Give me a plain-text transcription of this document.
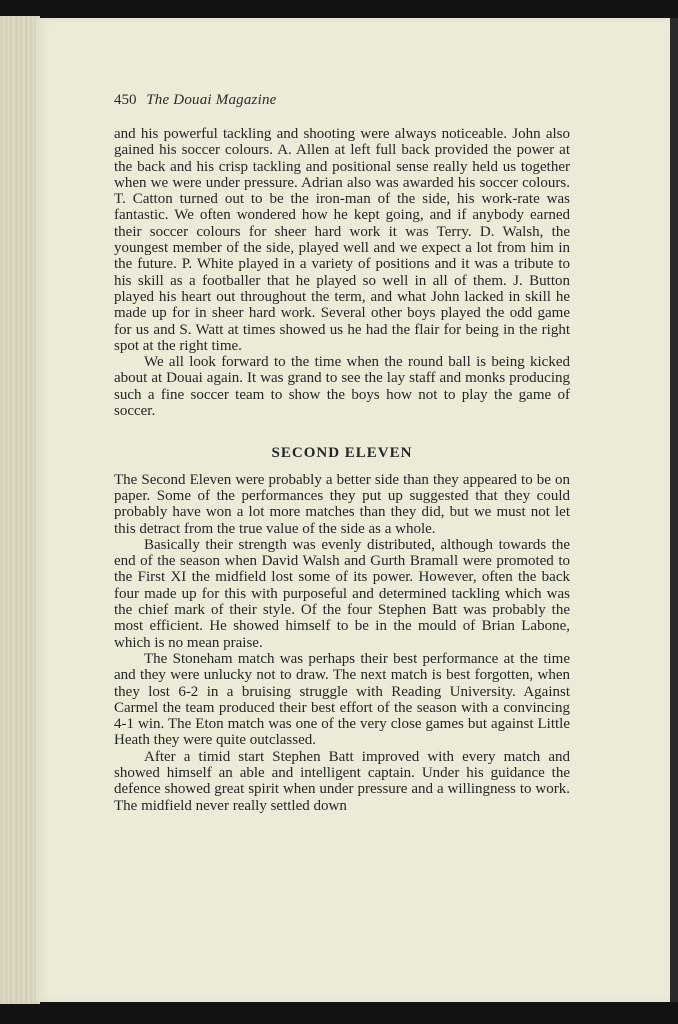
450 The Douai Magazine

and his powerful tackling and shooting were always noticeable. John also gained his soccer colours. A. Allen at left full back provided the power at the back and his crisp tackling and positional sense really held us together when we were under pressure. Adrian also was awarded his soccer colours. T. Catton turned out to be the iron-man of the side, his work-rate was fantastic. We often wondered how he kept going, and if anybody earned their soccer colours for sheer hard work it was Terry. D. Walsh, the youngest member of the side, played well and we expect a lot from him in the future. P. White played in a variety of positions and it was a tribute to his skill as a footballer that he played so well in all of them. J. Button played his heart out throughout the term, and what John lacked in skill he made up for in sheer hard work. Several other boys played the odd game for us and S. Watt at times showed us he had the flair for being in the right spot at the right time.

We all look forward to the time when the round ball is being kicked about at Douai again. It was grand to see the lay staff and monks producing such a fine soccer team to show the boys how not to play the game of soccer.

SECOND ELEVEN

The Second Eleven were probably a better side than they appeared to be on paper. Some of the performances they put up suggested that they could probably have won a lot more matches than they did, but we must not let this detract from the true value of the side as a whole.

Basically their strength was evenly distributed, although towards the end of the season when David Walsh and Gurth Bramall were promoted to the First XI the midfield lost some of its power. However, often the back four made up for this with purposeful and determined tackling which was the chief mark of their style. Of the four Stephen Batt was probably the most efficient. He showed himself to be in the mould of Brian Labone, which is no mean praise.

The Stoneham match was perhaps their best performance at the time and they were unlucky not to draw. The next match is best forgotten, when they lost 6-2 in a bruising struggle with Reading University. Against Carmel the team produced their best effort of the season with a convincing 4-1 win. The Eton match was one of the very close games but against Little Heath they were quite outclassed.

After a timid start Stephen Batt improved with every match and showed himself an able and intelligent captain. Under his guidance the defence showed great spirit when under pressure and a willingness to work. The midfield never really settled down
